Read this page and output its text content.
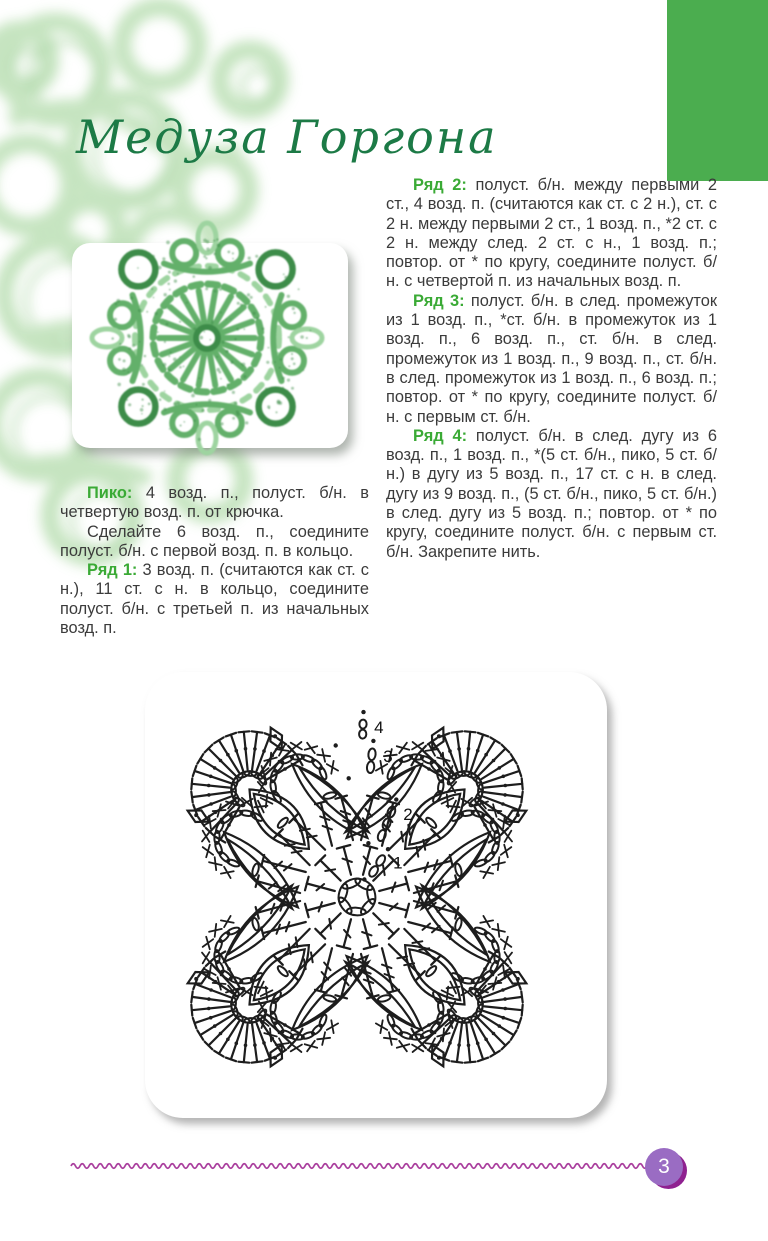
Медуза Горгона

Ряд 2: полуст. б/н. между первыми 2 ст., 4 возд. п. (считаются как ст. с 2 н.), ст. с 2 н. между первыми 2 ст., 1 возд. п., *2 ст. с 2 н. между след. 2 ст. с н., 1 возд. п.; повтор. от * по кругу, соедините полуст. б/н. с четвертой п. из начальных возд. п.

Ряд 3: полуст. б/н. в след. промежуток из 1 возд. п., *ст. б/н. в промежуток из 1 возд. п., 6 возд. п., ст. б/н. в след. промежуток из 1 возд. п., 9 возд. п., ст. б/н. в след. промежуток из 1 возд. п., 6 возд. п.; повтор. от * по кругу, соедините полуст. б/н. с первым ст. б/н.

Ряд 4: полуст. б/н. в след. дугу из 6 возд. п., 1 возд. п., *(5 ст. б/н., пико, 5 ст. б/н.) в дугу из 5 возд. п., 17 ст. с н. в след. дугу из 9 возд. п., (5 ст. б/н., пико, 5 ст. б/н.) в след. дугу из 5 возд. п.; повтор. от * по кругу, соедините полуст. б/н. с первым ст. б/н. Закрепите нить.

Пико: 4 возд. п., полуст. б/н. в четвертую возд. п. от крючка.

Сделайте 6 возд. п., соедините полуст. б/н. с первой возд. п. в кольцо.

Ряд 1: 3 возд. п. (считаются как ст. с н.), 11 ст. с н. в кольцо, соедините полуст. б/н. с третьей п. из начальных возд. п.

1
2
3
4
3
